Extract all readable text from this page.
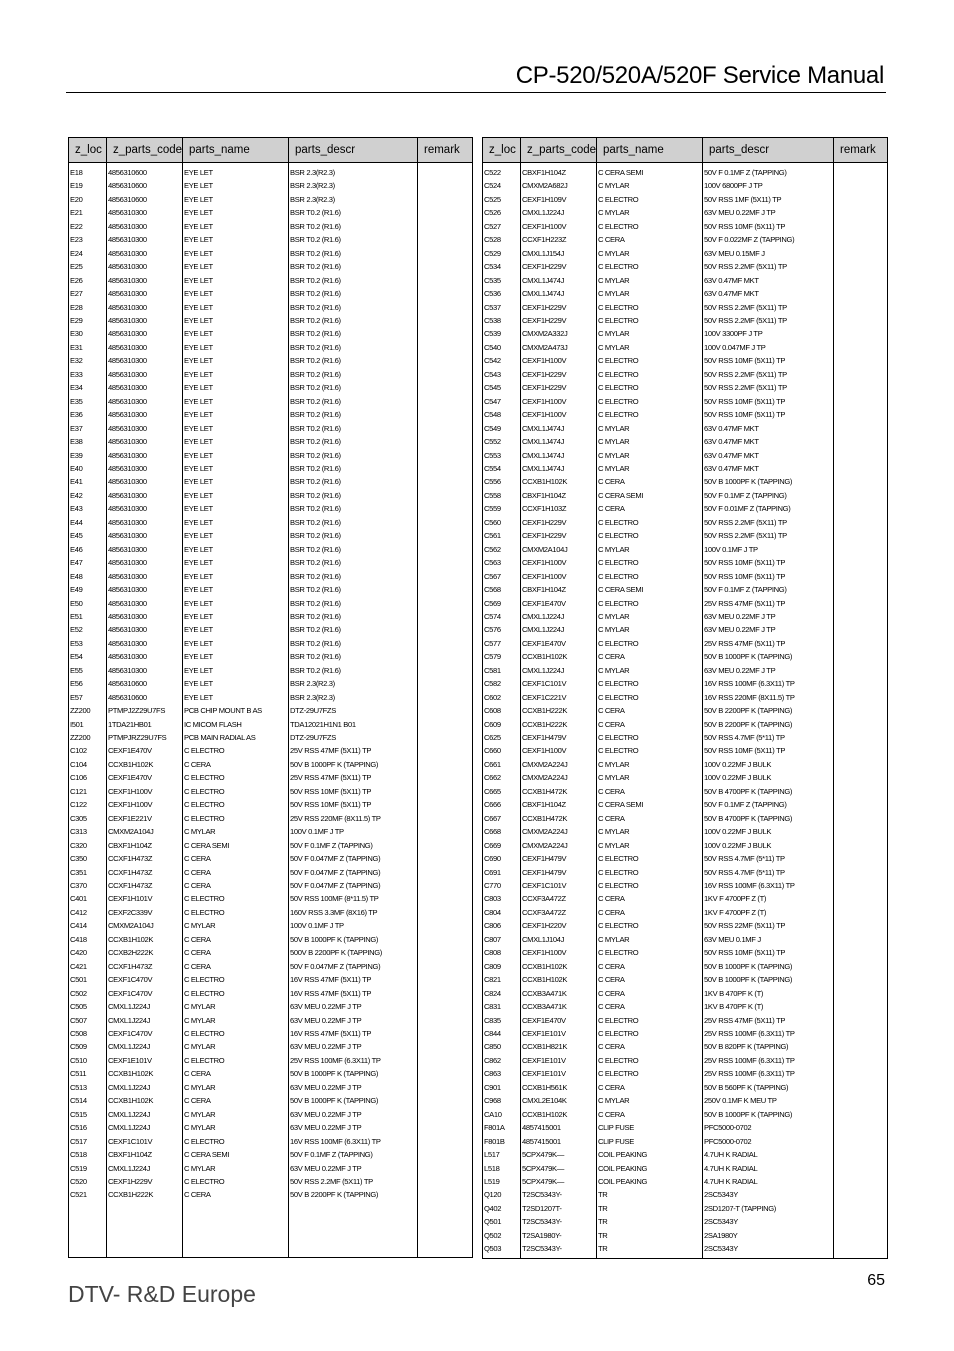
CP-520/520A/520F Service Manual
z_loc	z_parts_code	parts_name	parts_descr	remark
E18	4856310600	EYE LET	BSR 2.3(R2.3)	
E19	4856310600	EYE LET	BSR 2.3(R2.3)	
E20	4856310600	EYE LET	BSR 2.3(R2.3)	
E21	4856310300	EYE LET	BSR T0.2 (R1.6)	
E22	4856310300	EYE LET	BSR T0.2 (R1.6)	
E23	4856310300	EYE LET	BSR T0.2 (R1.6)	
E24	4856310300	EYE LET	BSR T0.2 (R1.6)	
E25	4856310300	EYE LET	BSR T0.2 (R1.6)	
E26	4856310300	EYE LET	BSR T0.2 (R1.6)	
E27	4856310300	EYE LET	BSR T0.2 (R1.6)	
E28	4856310300	EYE LET	BSR T0.2 (R1.6)	
E29	4856310300	EYE LET	BSR T0.2 (R1.6)	
E30	4856310300	EYE LET	BSR T0.2 (R1.6)	
E31	4856310300	EYE LET	BSR T0.2 (R1.6)	
E32	4856310300	EYE LET	BSR T0.2 (R1.6)	
E33	4856310300	EYE LET	BSR T0.2 (R1.6)	
E34	4856310300	EYE LET	BSR T0.2 (R1.6)	
E35	4856310300	EYE LET	BSR T0.2 (R1.6)	
E36	4856310300	EYE LET	BSR T0.2 (R1.6)	
E37	4856310300	EYE LET	BSR T0.2 (R1.6)	
E38	4856310300	EYE LET	BSR T0.2 (R1.6)	
E39	4856310300	EYE LET	BSR T0.2 (R1.6)	
E40	4856310300	EYE LET	BSR T0.2 (R1.6)	
E41	4856310300	EYE LET	BSR T0.2 (R1.6)	
E42	4856310300	EYE LET	BSR T0.2 (R1.6)	
E43	4856310300	EYE LET	BSR T0.2 (R1.6)	
E44	4856310300	EYE LET	BSR T0.2 (R1.6)	
E45	4856310300	EYE LET	BSR T0.2 (R1.6)	
E46	4856310300	EYE LET	BSR T0.2 (R1.6)	
E47	4856310300	EYE LET	BSR T0.2 (R1.6)	
E48	4856310300	EYE LET	BSR T0.2 (R1.6)	
E49	4856310300	EYE LET	BSR T0.2 (R1.6)	
E50	4856310300	EYE LET	BSR T0.2 (R1.6)	
E51	4856310300	EYE LET	BSR T0.2 (R1.6)	
E52	4856310300	EYE LET	BSR T0.2 (R1.6)	
E53	4856310300	EYE LET	BSR T0.2 (R1.6)	
E54	4856310300	EYE LET	BSR T0.2 (R1.6)	
E55	4856310300	EYE LET	BSR T0.2 (R1.6)	
E56	4856310600	EYE LET	BSR 2.3(R2.3)	
E57	4856310600	EYE LET	BSR 2.3(R2.3)	
ZZ200	PTMPJ2Z29U7FS	PCB CHIP MOUNT B AS	DTZ-29U7FZS	
I501	1TDA21HB01	IC MICOM FLASH	TDA12021H1N1 B01	
ZZ200	PTMPJRZ29U7FS	PCB MAIN RADIAL AS	DTZ-29U7FZS	
C102	CEXF1E470V	C ELECTRO	25V RSS 47MF (5X11) TP	
C104	CCXB1H102K	C CERA	50V B 1000PF K (TAPPING)	
C106	CEXF1E470V	C ELECTRO	25V RSS 47MF (5X11) TP	
C121	CEXF1H100V	C ELECTRO	50V RSS 10MF (5X11) TP	
C122	CEXF1H100V	C ELECTRO	50V RSS 10MF (5X11) TP	
C305	CEXF1E221V	C ELECTRO	25V RSS 220MF (8X11.5) TP	
C313	CMXM2A104J	C MYLAR	100V 0.1MF J TP	
C320	CBXF1H104Z	C CERA SEMI	50V F 0.1MF Z (TAPPING)	
C350	CCXF1H473Z	C CERA	50V F 0.047MF Z (TAPPING)	
C351	CCXF1H473Z	C CERA	50V F 0.047MF Z (TAPPING)	
C370	CCXF1H473Z	C CERA	50V F 0.047MF Z (TAPPING)	
C401	CEXF1H101V	C ELECTRO	50V RSS 100MF (8*11.5) TP	
C412	CEXF2C339V	C ELECTRO	160V RSS 3.3MF (8X16) TP	
C414	CMXM2A104J	C MYLAR	100V 0.1MF J TP	
C418	CCXB1H102K	C CERA	50V B 1000PF K (TAPPING)	
C420	CCXB2H222K	C CERA	500V B 2200PF K (TAPPING)	
C421	CCXF1H473Z	C CERA	50V F 0.047MF Z (TAPPING)	
C501	CEXF1C470V	C ELECTRO	16V RSS 47MF (5X11) TP	
C502	CEXF1C470V	C ELECTRO	16V RSS 47MF (5X11) TP	
C505	CMXL1J224J	C MYLAR	63V MEU 0.22MF J TP	
C507	CMXL1J224J	C MYLAR	63V MEU 0.22MF J TP	
C508	CEXF1C470V	C ELECTRO	16V RSS 47MF (5X11) TP	
C509	CMXL1J224J	C MYLAR	63V MEU 0.22MF J TP	
C510	CEXF1E101V	C ELECTRO	25V RSS 100MF (6.3X11) TP	
C511	CCXB1H102K	C CERA	50V B 1000PF K (TAPPING)	
C513	CMXL1J224J	C MYLAR	63V MEU 0.22MF J TP	
C514	CCXB1H102K	C CERA	50V B 1000PF K (TAPPING)	
C515	CMXL1J224J	C MYLAR	63V MEU 0.22MF J TP	
C516	CMXL1J224J	C MYLAR	63V MEU 0.22MF J TP	
C517	CEXF1C101V	C ELECTRO	16V RSS 100MF (6.3X11) TP	
C518	CBXF1H104Z	C CERA SEMI	50V F 0.1MF Z (TAPPING)	
C519	CMXL1J224J	C MYLAR	63V MEU 0.22MF J TP	
C520	CEXF1H229V	C ELECTRO	50V RSS 2.2MF (5X11) TP	
C521	CCXB1H222K	C CERA	50V B 2200PF K (TAPPING)	

z_loc	z_parts_code	parts_name	parts_descr	remark
C522	CBXF1H104Z	C CERA SEMI	50V F 0.1MF Z (TAPPING)	
C524	CMXM2A682J	C MYLAR	100V 6800PF J TP	
C525	CEXF1H109V	C ELECTRO	50V RSS 1MF (5X11) TP	
C526	CMXL1J224J	C MYLAR	63V MEU 0.22MF J TP	
C527	CEXF1H100V	C ELECTRO	50V RSS 10MF (5X11) TP	
C528	CCXF1H223Z	C CERA	50V F 0.022MF Z (TAPPING)	
C529	CMXL1J154J	C MYLAR	63V MEU 0.15MF J	
C534	CEXF1H229V	C ELECTRO	50V RSS 2.2MF (5X11) TP	
C535	CMXL1J474J	C MYLAR	63V 0.47MF MKT	
C536	CMXL1J474J	C MYLAR	63V 0.47MF MKT	
C537	CEXF1H229V	C ELECTRO	50V RSS 2.2MF (5X11) TP	
C538	CEXF1H229V	C ELECTRO	50V RSS 2.2MF (5X11) TP	
C539	CMXM2A332J	C MYLAR	100V 3300PF J TP	
C540	CMXM2A473J	C MYLAR	100V 0.047MF J TP	
C542	CEXF1H100V	C ELECTRO	50V RSS 10MF (5X11) TP	
C543	CEXF1H229V	C ELECTRO	50V RSS 2.2MF (5X11) TP	
C545	CEXF1H229V	C ELECTRO	50V RSS 2.2MF (5X11) TP	
C547	CEXF1H100V	C ELECTRO	50V RSS 10MF (5X11) TP	
C548	CEXF1H100V	C ELECTRO	50V RSS 10MF (5X11) TP	
C549	CMXL1J474J	C MYLAR	63V 0.47MF MKT	
C552	CMXL1J474J	C MYLAR	63V 0.47MF MKT	
C553	CMXL1J474J	C MYLAR	63V 0.47MF MKT	
C554	CMXL1J474J	C MYLAR	63V 0.47MF MKT	
C556	CCXB1H102K	C CERA	50V B 1000PF K (TAPPING)	
C558	CBXF1H104Z	C CERA SEMI	50V F 0.1MF Z (TAPPING)	
C559	CCXF1H103Z	C CERA	50V F 0.01MF Z (TAPPING)	
C560	CEXF1H229V	C ELECTRO	50V RSS 2.2MF (5X11) TP	
C561	CEXF1H229V	C ELECTRO	50V RSS 2.2MF (5X11) TP	
C562	CMXM2A104J	C MYLAR	100V 0.1MF J TP	
C563	CEXF1H100V	C ELECTRO	50V RSS 10MF (5X11) TP	
C567	CEXF1H100V	C ELECTRO	50V RSS 10MF (5X11) TP	
C568	CBXF1H104Z	C CERA SEMI	50V F 0.1MF Z (TAPPING)	
C569	CEXF1E470V	C ELECTRO	25V RSS 47MF (5X11) TP	
C574	CMXL1J224J	C MYLAR	63V MEU 0.22MF J TP	
C576	CMXL1J224J	C MYLAR	63V MEU 0.22MF J TP	
C577	CEXF1E470V	C ELECTRO	25V RSS 47MF (5X11) TP	
C579	CCXB1H102K	C CERA	50V B 1000PF K (TAPPING)	
C581	CMXL1J224J	C MYLAR	63V MEU 0.22MF J TP	
C582	CEXF1C101V	C ELECTRO	16V RSS 100MF (6.3X11) TP	
C602	CEXF1C221V	C ELECTRO	16V RSS 220MF (8X11.5) TP	
C608	CCXB1H222K	C CERA	50V B 2200PF K (TAPPING)	
C609	CCXB1H222K	C CERA	50V B 2200PF K (TAPPING)	
C625	CEXF1H479V	C ELECTRO	50V RSS 4.7MF (5*11) TP	
C660	CEXF1H100V	C ELECTRO	50V RSS 10MF (5X11) TP	
C661	CMXM2A224J	C MYLAR	100V 0.22MF J BULK	
C662	CMXM2A224J	C MYLAR	100V 0.22MF J BULK	
C665	CCXB1H472K	C CERA	50V B 4700PF K (TAPPING)	
C666	CBXF1H104Z	C CERA SEMI	50V F 0.1MF Z (TAPPING)	
C667	CCXB1H472K	C CERA	50V B 4700PF K (TAPPING)	
C668	CMXM2A224J	C MYLAR	100V 0.22MF J BULK	
C669	CMXM2A224J	C MYLAR	100V 0.22MF J BULK	
C690	CEXF1H479V	C ELECTRO	50V RSS 4.7MF (5*11) TP	
C691	CEXF1H479V	C ELECTRO	50V RSS 4.7MF (5*11) TP	
C770	CEXF1C101V	C ELECTRO	16V RSS 100MF (6.3X11) TP	
C803	CCXF3A472Z	C CERA	1KV F 4700PF Z (T)	
C804	CCXF3A472Z	C CERA	1KV F 4700PF Z (T)	
C806	CEXF1H220V	C ELECTRO	50V RSS 22MF (5X11) TP	
C807	CMXL1J104J	C MYLAR	63V MEU 0.1MF J	
C808	CEXF1H100V	C ELECTRO	50V RSS 10MF (5X11) TP	
C809	CCXB1H102K	C CERA	50V B 1000PF K (TAPPING)	
C821	CCXB1H102K	C CERA	50V B 1000PF K (TAPPING)	
C824	CCXB3A471K	C CERA	1KV B 470PF K (T)	
C831	CCXB3A471K	C CERA	1KV B 470PF K (T)	
C835	CEXF1E470V	C ELECTRO	25V RSS 47MF (5X11) TP	
C844	CEXF1E101V	C ELECTRO	25V RSS 100MF (6.3X11) TP	
C850	CCXB1H821K	C CERA	50V B 820PF K (TAPPING)	
C862	CEXF1E101V	C ELECTRO	25V RSS 100MF (6.3X11) TP	
C863	CEXF1E101V	C ELECTRO	25V RSS 100MF (6.3X11) TP	
C901	CCXB1H561K	C CERA	50V B 560PF K (TAPPING)	
C968	CMXL2E104K	C MYLAR	250V 0.1MF K MEU TP	
CA10	CCXB1H102K	C CERA	50V B 1000PF K (TAPPING)	
F801A	4857415001	CLIP FUSE	PFC5000-0702	
F801B	4857415001	CLIP FUSE	PFC5000-0702	
L517	5CPX479K—	COIL PEAKING	4.7UH K RADIAL	
L518	5CPX479K—	COIL PEAKING	4.7UH K RADIAL	
L519	5CPX479K—	COIL PEAKING	4.7UH K RADIAL	
Q120	T2SC5343Y-	TR	2SC5343Y	
Q402	T2SD1207T-	TR	2SD1207-T (TAPPING)	
Q501	T2SC5343Y-	TR	2SC5343Y	
Q502	T2SA1980Y-	TR	2SA1980Y	
Q503	T2SC5343Y-	TR	2SC5343Y	

DTV- R&D Europe
65
